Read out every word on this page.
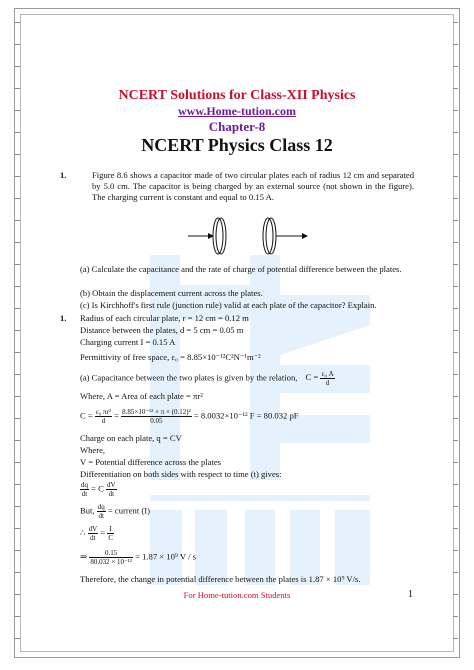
NCERT Solutions for Class-XII Physics
www.Home-tution.com
Chapter-8
NCERT Physics Class 12
1.	Figure 8.6 shows a capacitor made of two circular plates each of radius 12 cm and separated by 5.0 cm. The capacitor is being charged by an external source (not shown in the figure). The charging current is constant and equal to 0.15 A.
(a) Calculate the capacitance and the rate of charge of potential difference between the plates.
(b) Obtain the displacement current across the plates.
(c) Is Kirchhoff's first rule (junction rule) valid at each plate of the capacitor? Explain.
1. Radius of each circular plate, r = 12 cm = 0.12 m
Distance between the plates, d = 5 cm = 0.05 m
Charging current I = 0.15 A
Permittivity of free space, ε₀ = 8.85×10⁻¹²C²N⁻¹m⁻²
(a) Capacitance between the two plates is given by the relation, $C = \frac{\text{ε₀ A}}{d}$
Where, A = Area of each plate = πr²
$C = \frac{\text{ε₀ πr²}}{d} = \frac{\text{8.85×10⁻¹² × π × (0.12)²}}{0.05} = 8.0032\times 10^{-12}$ F = 80.032 pF
Charge on each plate, q = CV
Where,
V = Potential difference across the plates
Differentiation on both sides with respect to time (t) gives:
$\frac{dq}{dt} = C \frac{dV}{dt}$
But, $\frac{dq}{dt}$ = current (I)
∴ $\frac{dV}{dt} = \frac{I}{C}$
⇒ $\frac{0.15}{\text{80.032 × 10⁻¹²}} = 1.87 \times 10^9$ V / s
Therefore, the change in potential difference between the plates is 1.87 × 10⁹ V/s.
For Home-tution.com Students	1
